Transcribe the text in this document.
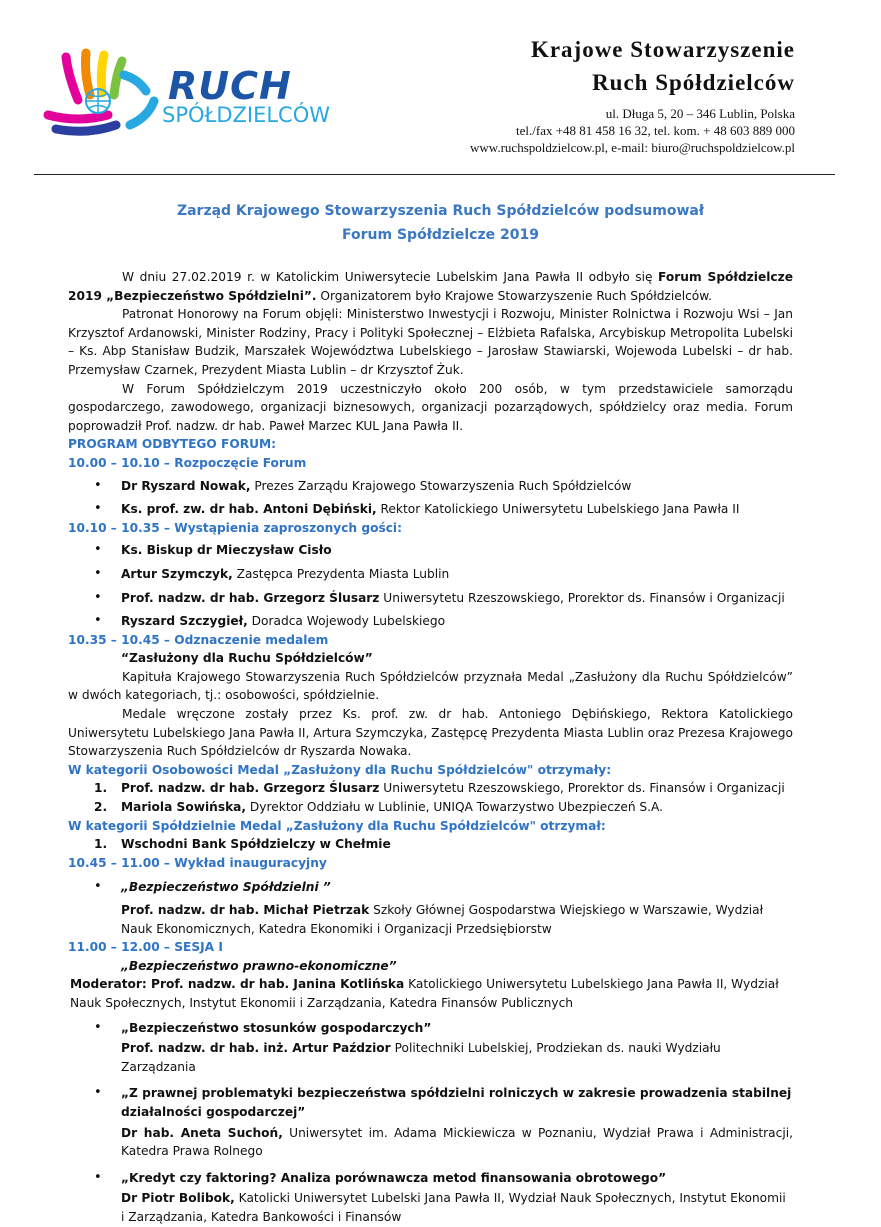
RUCH
SPÓŁDZIELCÓW
Krajowe Stowarzyszenie
Ruch Spółdzielców
ul. Długa 5, 20 – 346 Lublin, Polska
tel./fax +48 81 458 16 32, tel. kom. + 48 603 889 000
www.ruchspoldzielcow.pl, e-mail: biuro@ruchspoldzielcow.pl
Zarząd Krajowego Stowarzyszenia Ruch Spółdzielców podsumował
Forum Spółdzielcze 2019

W dniu 27.02.2019 r. w Katolickim Uniwersytecie Lubelskim Jana Pawła II odbyło się Forum Spółdzielcze 2019 „Bezpieczeństwo Spółdzielni”. Organizatorem było Krajowe Stowarzyszenie Ruch Spółdzielców.

Patronat Honorowy na Forum objęli: Ministerstwo Inwestycji i Rozwoju, Minister Rolnictwa i Rozwoju Wsi – Jan Krzysztof Ardanowski, Minister Rodziny, Pracy i Polityki Społecznej – Elżbieta Rafalska, Arcybiskup Metropolita Lubelski – Ks. Abp Stanisław Budzik, Marszałek Województwa Lubelskiego – Jarosław Stawiarski, Wojewoda Lubelski – dr hab. Przemysław Czarnek, Prezydent Miasta Lublin – dr Krzysztof Żuk.

W Forum Spółdzielczym 2019 uczestniczyło około 200 osób, w tym przedstawiciele samorządu gospodarczego, zawodowego, organizacji biznesowych, organizacji pozarządowych, spółdzielcy oraz media. Forum poprowadził Prof. nadzw. dr hab. Paweł Marzec KUL Jana Pawła II.

PROGRAM ODBYTEGO FORUM:
10.00 – 10.10 – Rozpoczęcie Forum
• Dr Ryszard Nowak, Prezes Zarządu Krajowego Stowarzyszenia Ruch Spółdzielców
• Ks. prof. zw. dr hab. Antoni Dębiński, Rektor Katolickiego Uniwersytetu Lubelskiego Jana Pawła II
10.10 – 10.35 – Wystąpienia zaproszonych gości:
• Ks. Biskup dr Mieczysław Cisło
• Artur Szymczyk, Zastępca Prezydenta Miasta Lublin
• Prof. nadzw. dr hab. Grzegorz Ślusarz Uniwersytetu Rzeszowskiego, Prorektor ds. Finansów i Organizacji
• Ryszard Szczygieł, Doradca Wojewody Lubelskiego
10.35 – 10.45 – Odznaczenie medalem
“Zasłużony dla Ruchu Spółdzielców”

Kapituła Krajowego Stowarzyszenia Ruch Spółdzielców przyznała Medal „Zasłużony dla Ruchu Spółdzielców” w dwóch kategoriach, tj.: osobowości, spółdzielnie.

Medale wręczone zostały przez Ks. prof. zw. dr hab. Antoniego Dębińskiego, Rektora Katolickiego Uniwersytetu Lubelskiego Jana Pawła II, Artura Szymczyka, Zastępcę Prezydenta Miasta Lublin oraz Prezesa Krajowego Stowarzyszenia Ruch Spółdzielców dr Ryszarda Nowaka.

W kategorii Osobowości Medal „Zasłużony dla Ruchu Spółdzielców" otrzymały:
1. Prof. nadzw. dr hab. Grzegorz Ślusarz Uniwersytetu Rzeszowskiego, Prorektor ds. Finansów i Organizacji
2. Mariola Sowińska, Dyrektor Oddziału w Lublinie, UNIQA Towarzystwo Ubezpieczeń S.A.
W kategorii Spółdzielnie Medal „Zasłużony dla Ruchu Spółdzielców" otrzymał:
1. Wschodni Bank Spółdzielczy w Chełmie
10.45 – 11.00 – Wykład inauguracyjny
• „Bezpieczeństwo Spółdzielni ”
Prof. nadzw. dr hab. Michał Pietrzak Szkoły Głównej Gospodarstwa Wiejskiego w Warszawie, Wydział Nauk Ekonomicznych, Katedra Ekonomiki i Organizacji Przedsiębiorstw
11.00 – 12.00 – SESJA I
„Bezpieczeństwo prawno-ekonomiczne”
Moderator: Prof. nadzw. dr hab. Janina Kotlińska Katolickiego Uniwersytetu Lubelskiego Jana Pawła II, Wydział Nauk Społecznych, Instytut Ekonomii i Zarządzania, Katedra Finansów Publicznych
• „Bezpieczeństwo stosunków gospodarczych”
Prof. nadzw. dr hab. inż. Artur Paździor Politechniki Lubelskiej, Prodziekan ds. nauki Wydziału Zarządzania
• „Z prawnej problematyki bezpieczeństwa spółdzielni rolniczych w zakresie prowadzenia stabilnej działalności gospodarczej”
Dr hab. Aneta Suchoń, Uniwersytet im. Adama Mickiewicza w Poznaniu, Wydział Prawa i Administracji, Katedra Prawa Rolnego
• „Kredyt czy faktoring? Analiza porównawcza metod finansowania obrotowego”
Dr Piotr Bolibok, Katolicki Uniwersytet Lubelski Jana Pawła II, Wydział Nauk Społecznych, Instytut Ekonomii i Zarządzania, Katedra Bankowości i Finansów
